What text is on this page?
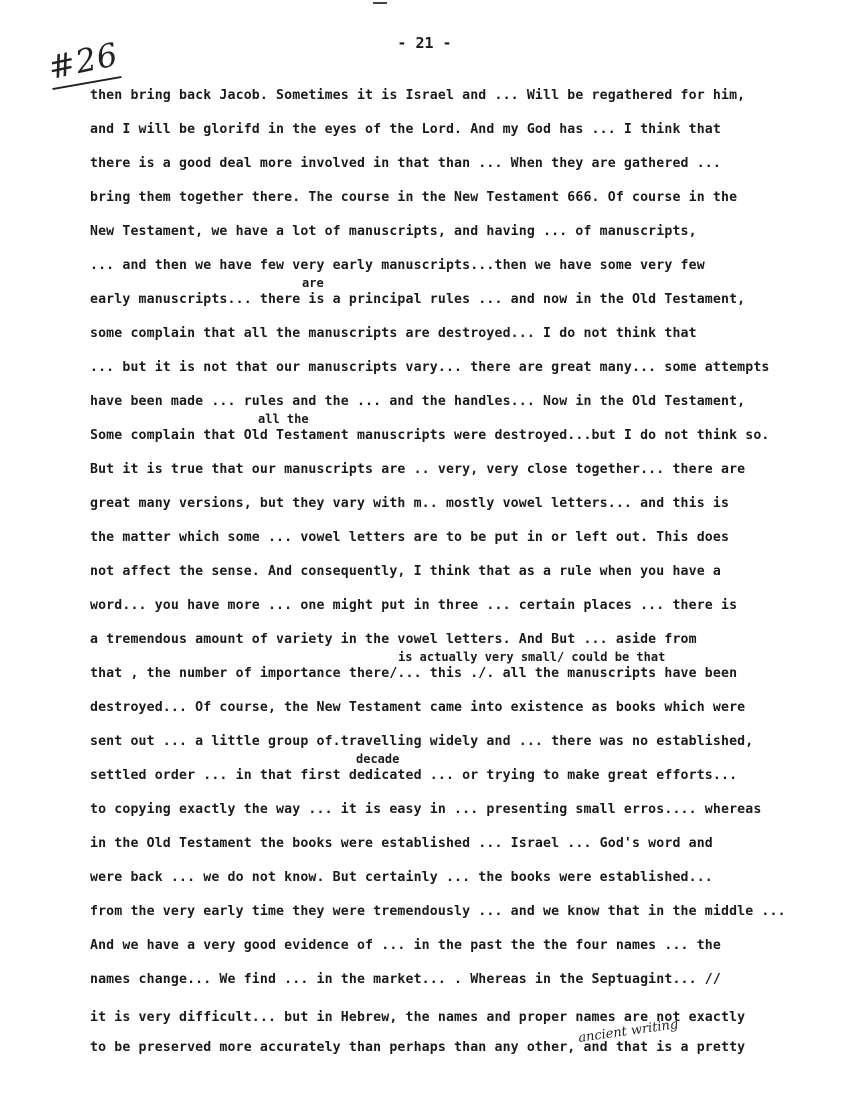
#26	- 21 -
then bring back Jacob. Sometimes it is Israel and ... Will be regathered for him,
and I will be glorifd in the eyes of the Lord. And my God has ... I think that
there is a good deal more involved in that than ... When they are gathered ...
bring them together there. The course in the New Testament 666. Of course in the
New Testament, we have a lot of manuscripts, and having ... of manuscripts,
... and then we have few very early manuscripts...then we have some very few
are
early manuscripts... there is a principal rules ... and now in the Old Testament,
some complain that all the manuscripts are destroyed... I do not think that
... but it is not that our manuscripts vary... there are great many... some attempts
have been made ... rules and the ... and the handles... Now in the Old Testament,
all the
Some complain that Old Testament manuscripts were destroyed...but I do not think so.
But it is true that our manuscripts are .. very, very close together... there are
great many versions, but they vary with m.. mostly vowel letters... and this is
the matter which some ... vowel letters are to be put in or left out. This does
not affect the sense. And consequently, I think that as a rule when you have a
word... you have more ... one might put in three ... certain places ... there is
a tremendous amount of variety in the vowel letters. And But ... aside from
is actually very small/ could be that
that , the number of importance there/... this ./. all the manuscripts have been
destroyed... Of course, the New Testament came into existence as books which were
sent out ... a little group of.travelling widely and ... there was no established,
decade
settled order ... in that first dedicated ... or trying to make great efforts...
to copying exactly the way ... it is easy in ... presenting small erros.... whereas
in the Old Testament the books were established ... Israel ... God's word and
were back ... we do not know. But certainly ... the books were established...
from the very early time they were tremendously ... and we know that in the middle ...
And we have a very good evidence of ... in the past the the four names ... the
names change... We find ... in the market... . Whereas in the Septuagint... //
it is very difficult... but in Hebrew, the names and proper names are not exactly
ancient writing
to be preserved more accurately than perhaps than any other, and that is a pretty
